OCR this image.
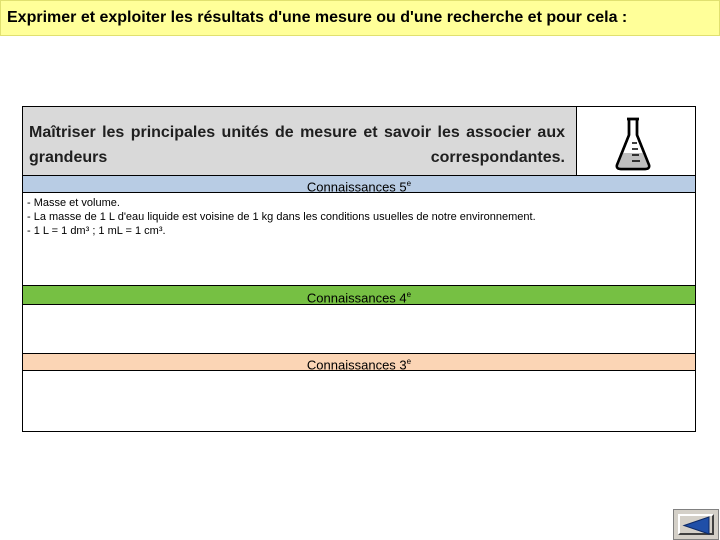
Exprimer et exploiter les résultats d'une mesure ou d'une recherche et pour cela :
Maîtriser les principales unités de mesure et savoir les associer aux grandeurs correspondantes.
Connaissances 5e
- Masse et volume.
- La masse de 1 L d'eau liquide est voisine de 1 kg dans les conditions usuelles de notre environnement.
- 1 L = 1 dm³ ; 1 mL = 1 cm³.
Connaissances 4e
Connaissances 3e
